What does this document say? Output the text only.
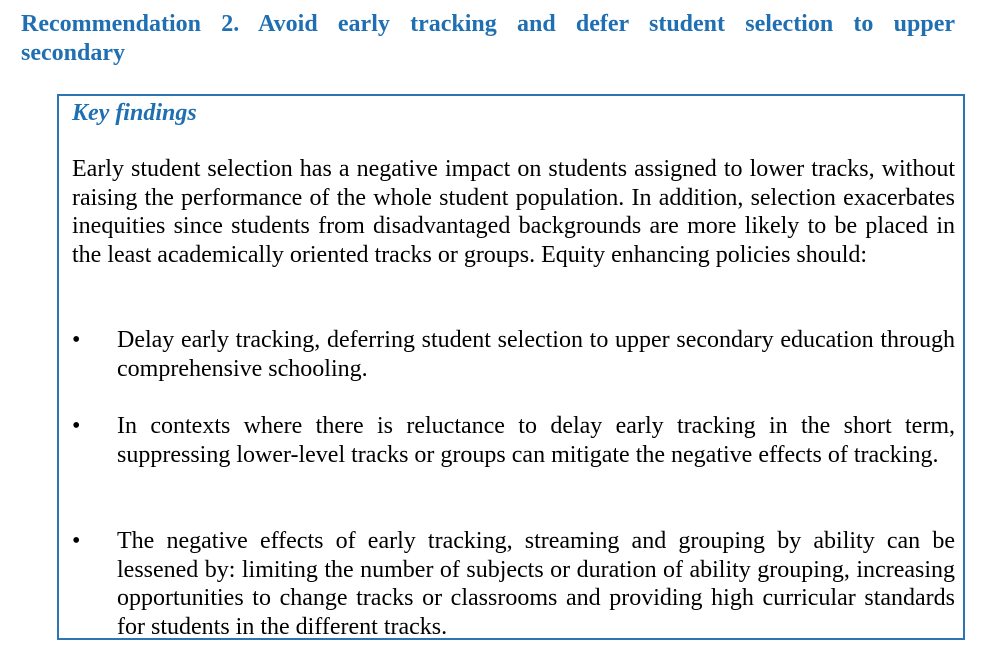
Recommendation 2. Avoid early tracking and defer student selection to upper secondary
Key findings
Early student selection has a negative impact on students assigned to lower tracks, without raising the performance of the whole student population. In addition, selection exacerbates inequities since students from disadvantaged backgrounds are more likely to be placed in the least academically oriented tracks or groups. Equity enhancing policies should:
•	Delay early tracking, deferring student selection to upper secondary education through comprehensive schooling.
•	In contexts where there is reluctance to delay early tracking in the short term, suppressing lower-level tracks or groups can mitigate the negative effects of tracking.
•	The negative effects of early tracking, streaming and grouping by ability can be lessened by: limiting the number of subjects or duration of ability grouping, increasing opportunities to change tracks or classrooms and providing high curricular standards for students in the different tracks.
